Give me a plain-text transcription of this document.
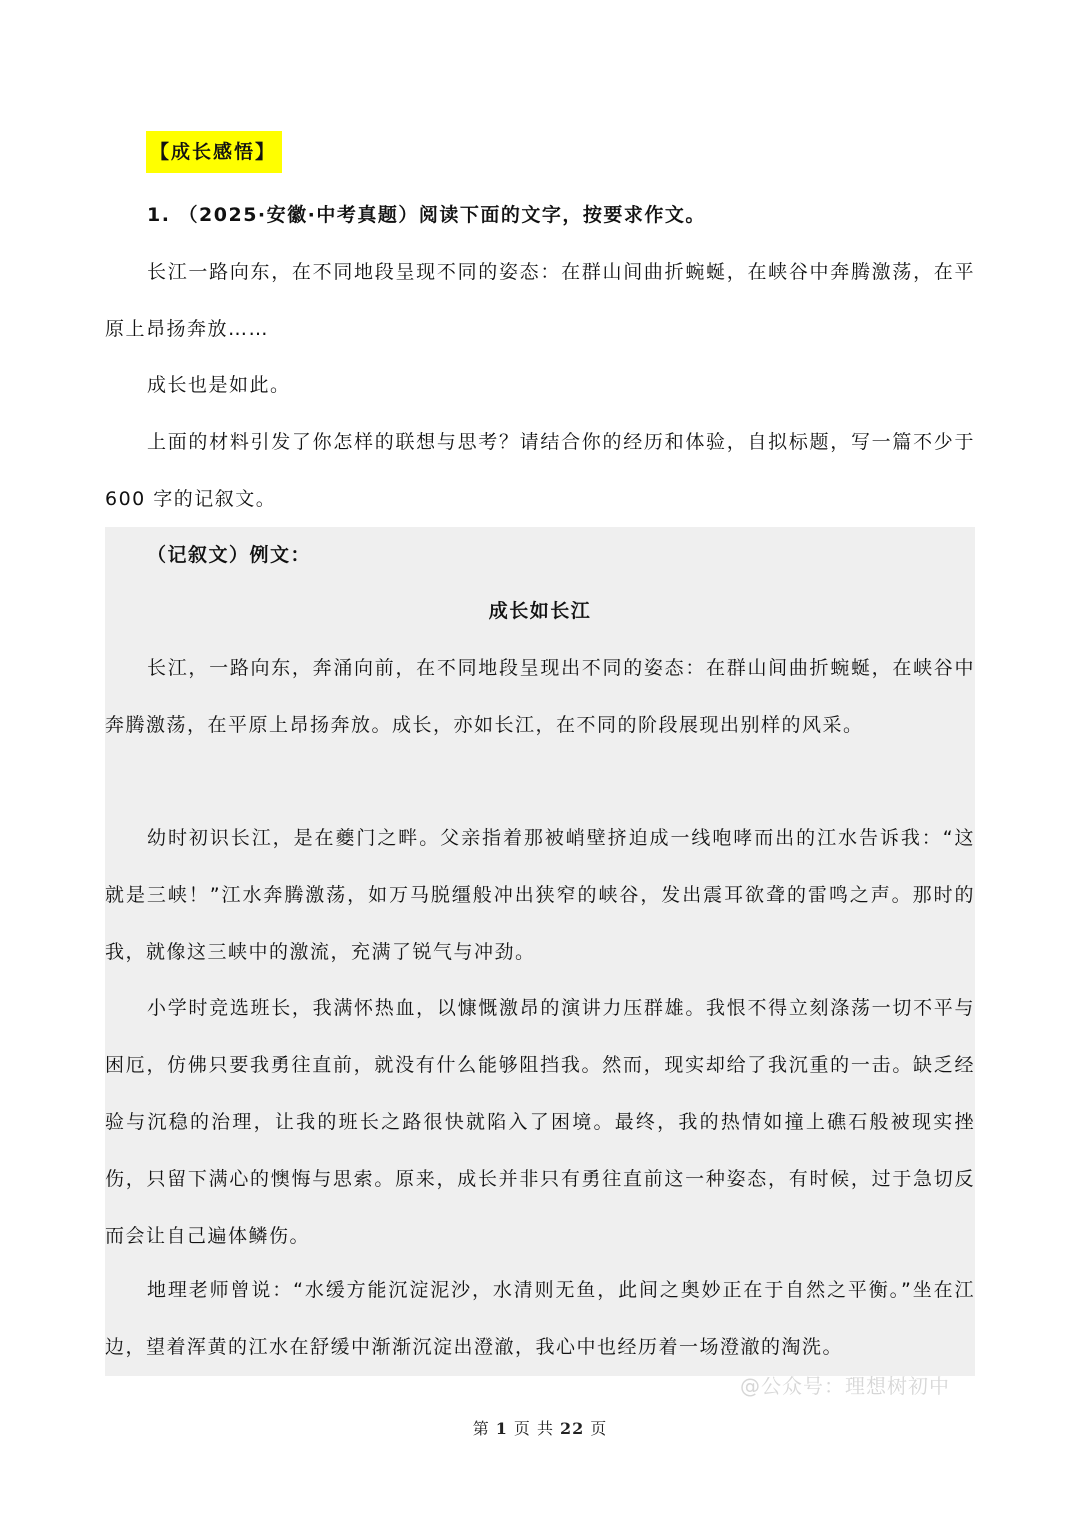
【成长感悟】

1. （2025·安徽·中考真题）阅读下面的文字，按要求作文。

长江一路向东，在不同地段呈现不同的姿态：在群山间曲折蜿蜒，在峡谷中奔腾激荡，在平原上昂扬奔放……

成长也是如此。

上面的材料引发了你怎样的联想与思考？请结合你的经历和体验，自拟标题，写一篇不少于 600 字的记叙文。

（记叙文）例文：

成长如长江

长江，一路向东，奔涌向前，在不同地段呈现出不同的姿态：在群山间曲折蜿蜒，在峡谷中奔腾激荡，在平原上昂扬奔放。成长，亦如长江，在不同的阶段展现出别样的风采。

幼时初识长江，是在夔门之畔。父亲指着那被峭壁挤迫成一线咆哮而出的江水告诉我：“这就是三峡！”江水奔腾激荡，如万马脱缰般冲出狭窄的峡谷，发出震耳欲聋的雷鸣之声。那时的我，就像这三峡中的激流，充满了锐气与冲劲。

小学时竞选班长，我满怀热血，以慷慨激昂的演讲力压群雄。我恨不得立刻涤荡一切不平与困厄，仿佛只要我勇往直前，就没有什么能够阻挡我。然而，现实却给了我沉重的一击。缺乏经验与沉稳的治理，让我的班长之路很快就陷入了困境。最终，我的热情如撞上礁石般被现实挫伤，只留下满心的懊悔与思索。原来，成长并非只有勇往直前这一种姿态，有时候，过于急切反而会让自己遍体鳞伤。

地理老师曾说：“水缓方能沉淀泥沙，水清则无鱼，此间之奥妙正在于自然之平衡。”坐在江边，望着浑黄的江水在舒缓中渐渐沉淀出澄澈，我心中也经历着一场澄澈的淘洗。

@公众号：理想树初中
第 1 页 共 22 页
